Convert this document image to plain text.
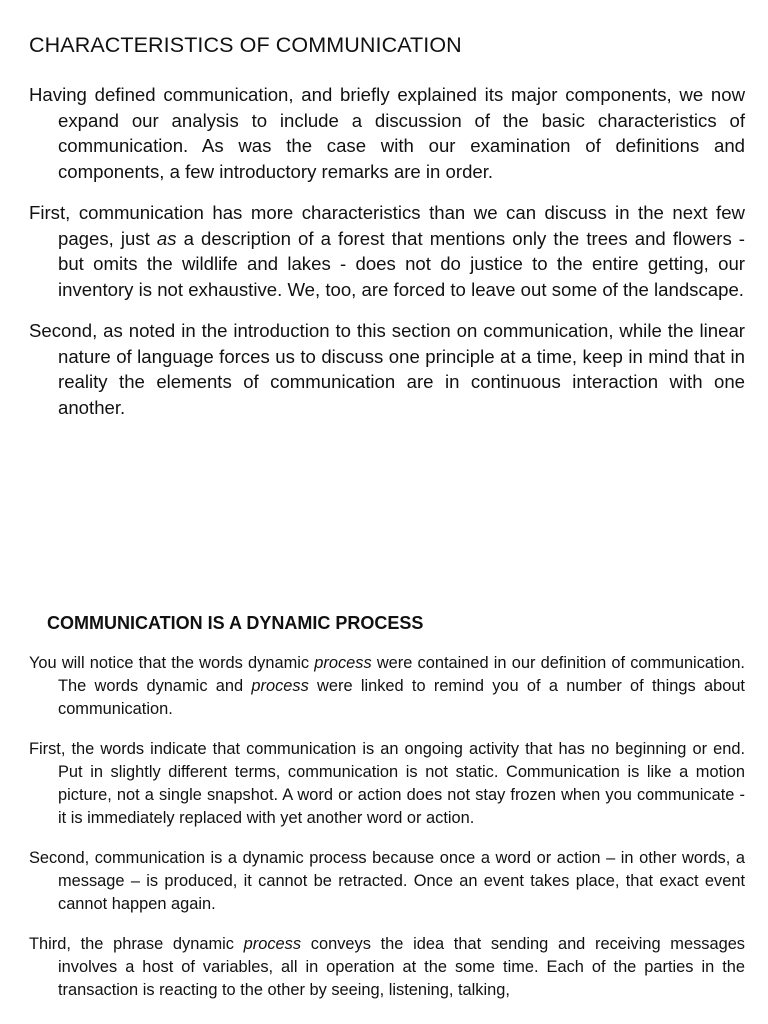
CHARACTERISTICS OF COMMUNICATION

Having defined communication, and briefly explained its major components, we now expand our analysis to include a discussion of the basic characteristics of communication. As was the case with our examination of definitions and components, a few introductory remarks are in order.

First, communication has more characteristics than we can discuss in the next few pages, just as a description of a forest that mentions only the trees and flowers - but omits the wildlife and lakes - does not do justice to the entire getting, our inventory is not exhaustive. We, too, are forced to leave out some of the landscape.

Second, as noted in the introduction to this section on communication, while the linear nature of language forces us to discuss one principle at a time, keep in mind that in reality the elements of communication are in continuous interaction with one another.

COMMUNICATION IS A DYNAMIC PROCESS

You will notice that the words dynamic process were contained in our definition of communication. The words dynamic and process were linked to remind you of a number of things about communication.

First, the words indicate that communication is an ongoing activity that has no beginning or end. Put in slightly different terms, communication is not static. Communication is like a motion picture, not a single snapshot. A word or action does not stay frozen when you communicate - it is immediately replaced with yet another word or action.

Second, communication is a dynamic process because once a word or action – in other words, a message – is produced, it cannot be retracted. Once an event takes place, that exact event cannot happen again.

Third, the phrase dynamic process conveys the idea that sending and receiving messages involves a host of variables, all in operation at the some time. Each of the parties in the transaction is reacting to the other by seeing, listening, talking,
